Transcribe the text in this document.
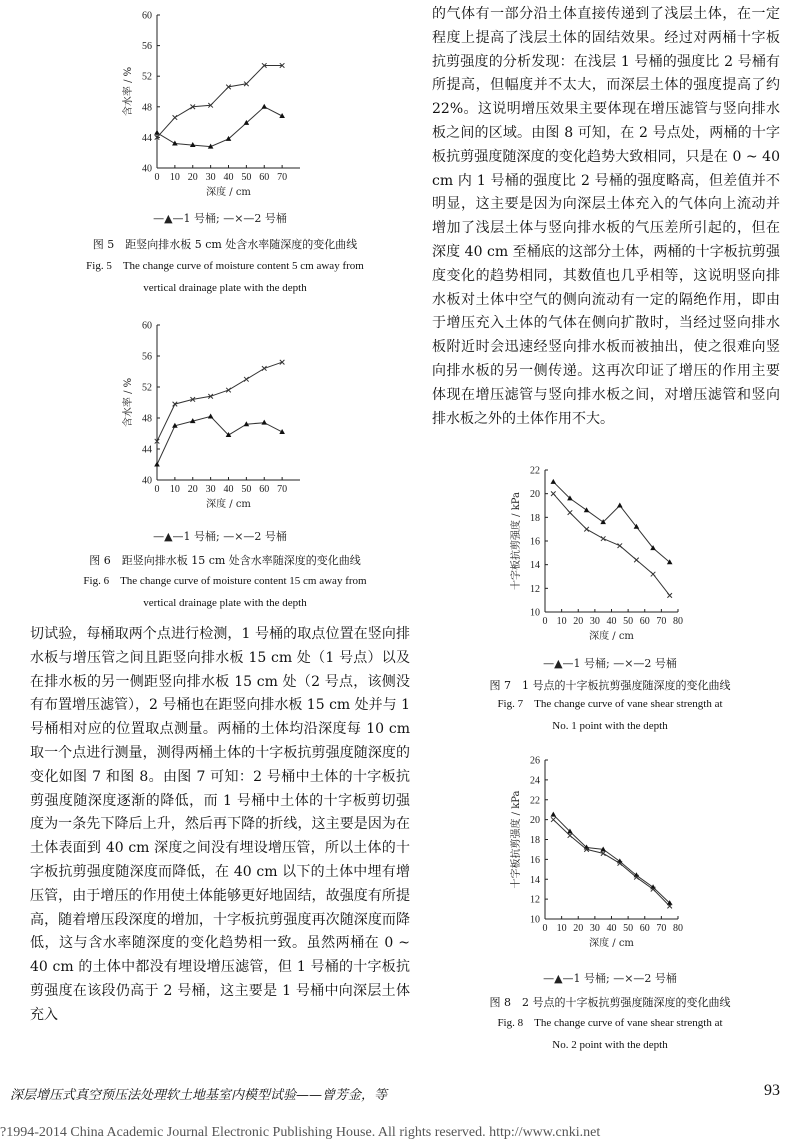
40
44
48
52
56
60
0 10 20 30 40 50 60 70
深度 / cm
含水率 / %
—▲—1 号桶; —×—2 号桶
图 5　距竖向排水板 5 cm 处含水率随深度的变化曲线
Fig. 5　The change curve of moisture content 5 cm away from
vertical drainage plate with the depth
40
44
48
52
56
60
0 10 20 30 40 50 60 70
深度 / cm
含水率 / %
—▲—1 号桶; —×—2 号桶
图 6　距竖向排水板 15 cm 处含水率随深度的变化曲线
Fig. 6　The change curve of moisture content 15 cm away from
vertical drainage plate with the depth

切试验，每桶取两个点进行检测，1 号桶的取点位置在竖向排水板与增压管之间且距竖向排水板 15 cm 处（1 号点）以及在排水板的另一侧距竖向排水板 15 cm 处（2 号点，该侧没有布置增压滤管），2 号桶也在距竖向排水板 15 cm 处并与 1 号桶相对应的位置取点测量。两桶的土体均沿深度每 10 cm 取一个点进行测量，测得两桶土体的十字板抗剪强度随深度的变化如图 7 和图 8。由图 7 可知：2 号桶中土体的十字板抗剪强度随深度逐渐的降低，而 1 号桶中土体的十字板剪切强度为一条先下降后上升，然后再下降的折线，这主要是因为在土体表面到 40 cm 深度之间没有埋设增压管，所以土体的十字板抗剪强度随深度而降低，在 40 cm 以下的土体中埋有增压管，由于增压的作用使土体能够更好地固结，故强度有所提高，随着增压段深度的增加，十字板抗剪强度再次随深度而降低，这与含水率随深度的变化趋势相一致。虽然两桶在 0 ~ 40 cm 的土体中都没有埋设增压滤管，但 1 号桶的十字板抗剪强度在该段仍高于 2 号桶，这主要是 1 号桶中向深层土体充入

的气体有一部分沿土体直接传递到了浅层土体，在一定程度上提高了浅层土体的固结效果。经过对两桶十字板抗剪强度的分析发现：在浅层 1 号桶的强度比 2 号桶有所提高，但幅度并不太大，而深层土体的强度提高了约 22%。这说明增压效果主要体现在增压滤管与竖向排水板之间的区域。由图 8 可知，在 2 号点处，两桶的十字板抗剪强度随深度的变化趋势大致相同，只是在 0 ~ 40 cm 内 1 号桶的强度比 2 号桶的强度略高，但差值并不明显，这主要是因为向深层土体充入的气体向上流动并增加了浅层土体与竖向排水板的气压差所引起的，但在深度 40 cm 至桶底的这部分土体，两桶的十字板抗剪强度变化的趋势相同，其数值也几乎相等，这说明竖向排水板对土体中空气的侧向流动有一定的隔绝作用，即由于增压充入土体的气体在侧向扩散时，当经过竖向排水板附近时会迅速经竖向排水板而被抽出，使之很难向竖向排水板的另一侧传递。这再次印证了增压的作用主要体现在增压滤管与竖向排水板之间，对增压滤管和竖向排水板之外的土体作用不大。

10
12
14
16
18
20
22
0 10 20 30 40 50 60 70 80
深度 / cm
十字板抗剪强度 / kPa
—▲—1 号桶; —×—2 号桶
图 7　1 号点的十字板抗剪强度随深度的变化曲线
Fig. 7　The change curve of vane shear strength at
No. 1 point with the depth
10
12
14
16
18
20
22
24
26
0 10 20 30 40 50 60 70 80
深度 / cm
十字板抗剪强度 / kPa
—▲—1 号桶; —×—2 号桶
图 8　2 号点的十字板抗剪强度随深度的变化曲线
Fig. 8　The change curve of vane shear strength at
No. 2 point with the depth
深层增压式真空预压法处理软土地基室内模型试验——曾芳金，等	93
?1994-2014 China Academic Journal Electronic Publishing House. All rights reserved. http://www.cnki.net
